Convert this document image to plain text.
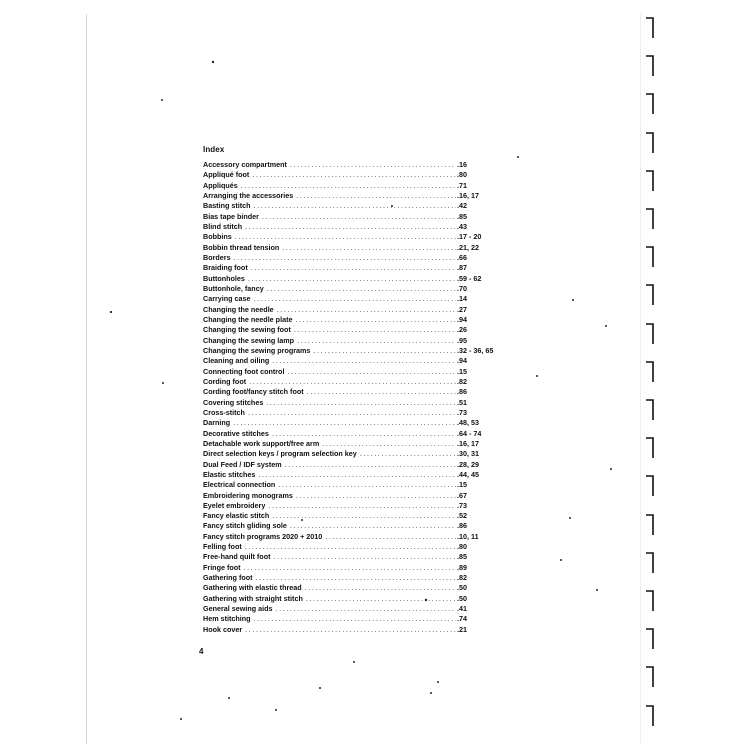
Index
Accessory compartment .....	.16
Appliqué foot .....	.80
Appliqués .....	.71
Arranging the accessories .....	.16, 17
Basting stitch .....	.42
Bias tape binder .....	.85
Blind stitch .....	.43
Bobbins .....	.17 - 20
Bobbin thread tension .....	.21, 22
Borders .....	.66
Braiding foot .....	.87
Buttonholes .....	.59 - 62
Buttonhole, fancy .....	.70
Carrying case .....	.14
Changing the needle .....	.27
Changing the needle plate .....	.94
Changing the sewing foot .....	.26
Changing the sewing lamp .....	.95
Changing the sewing programs .....	.32 - 36, 65
Cleaning and oiling .....	.94
Connecting foot control .....	.15
Cording foot .....	.82
Cording foot/fancy stitch foot .....	.86
Covering stitches .....	.51
Cross-stitch .....	.73
Darning .....	.48, 53
Decorative stitches .....	.64 - 74
Detachable work support/free arm .....	.16, 17
Direct selection keys / program selection key .....	.30, 31
Dual Feed / IDF system .....	.28, 29
Elastic stitches .....	.44, 45
Electrical connection .....	.15
Embroidering monograms .....	.67
Eyelet embroidery .....	.73
Fancy elastic stitch .....	.52
Fancy stitch gliding sole .....	.86
Fancy stitch programs 2020 + 2010 .....	.10, 11
Felling foot .....	.80
Free-hand quilt foot .....	.85
Fringe foot .....	.89
Gathering foot .....	.82
Gathering with elastic thread .....	.50
Gathering with straight stitch .....	.50
General sewing aids .....	.41
Hem stitching .....	.74
Hook cover .....	.21
4
